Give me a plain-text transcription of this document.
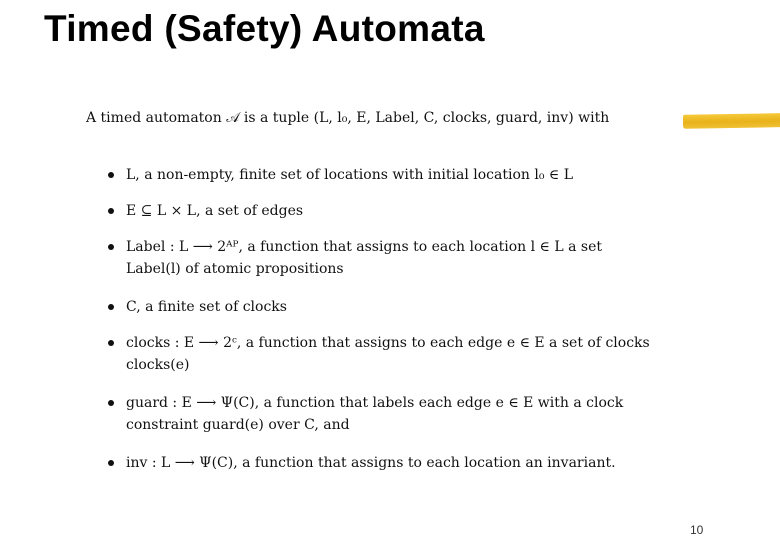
Timed (Safety) Automata

A timed automaton 𝒜 is a tuple (L, l₀, E, Label, C, clocks, guard, inv) with

L, a non-empty, finite set of locations with initial location l₀ ∈ L
E ⊆ L × L, a set of edges
Label : L ⟶ 2ᴬᴾ, a function that assigns to each location l ∈ L a set
Label(l) of atomic propositions
C, a finite set of clocks
clocks : E ⟶ 2ᶜ, a function that assigns to each edge e ∈ E a set of clocks
clocks(e)
guard : E ⟶ Ψ(C), a function that labels each edge e ∈ E with a clock
constraint guard(e) over C, and
inv : L ⟶ Ψ(C), a function that assigns to each location an invariant.
10
